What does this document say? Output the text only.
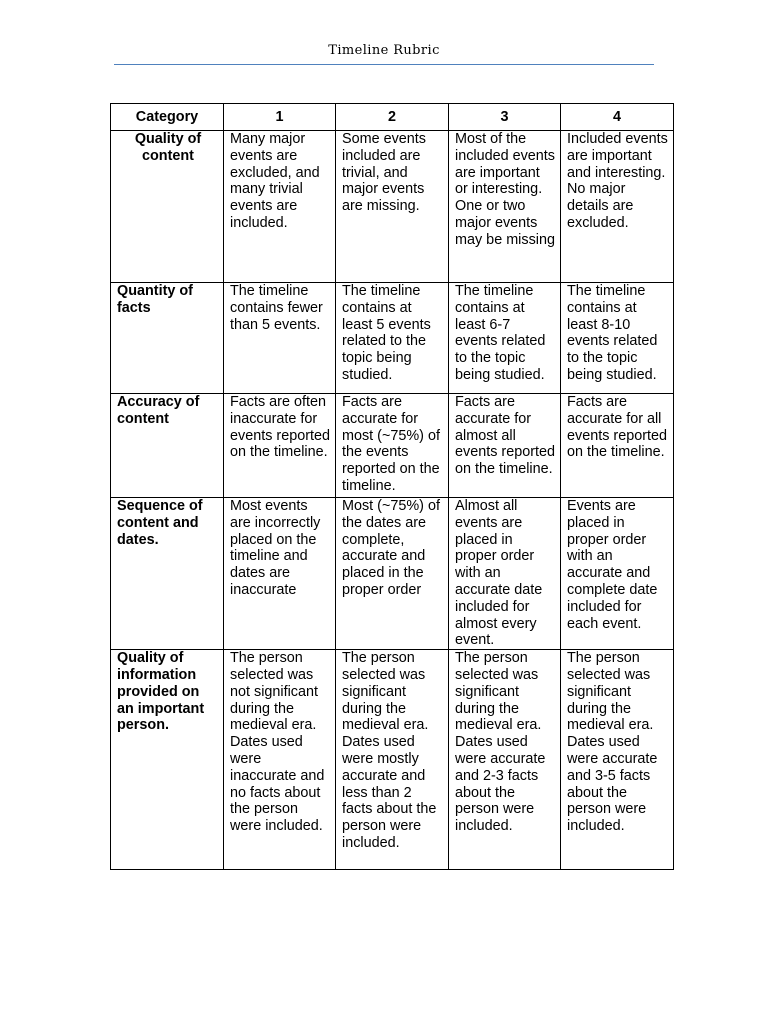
Timeline Rubric
Category	1	2	3	4
Quality of content	Many major events are excluded, and many trivial events are included.	Some events included are trivial, and major events are missing.	Most of the included events are important or interesting. One or two major events may be missing	Included events are important and interesting. No major details are excluded.
Quantity of facts	The timeline contains fewer than 5 events.	The timeline contains at least 5 events related to the topic being studied.	The timeline contains at least 6-7 events related to the topic being studied.	The timeline contains at least 8-10 events related to the topic being studied.
Accuracy of content	Facts are often inaccurate for events reported on the timeline.	Facts are accurate for most (~75%) of the events reported on the timeline.	Facts are accurate for almost all events reported on the timeline.	Facts are accurate for all events reported on the timeline.
Sequence of content and dates.	Most events are incorrectly placed on the timeline and dates are inaccurate	Most (~75%) of the dates are complete, accurate and placed in the proper order	Almost all events are placed in proper order with an accurate date included for almost every event.	Events are placed in proper order with an accurate and complete date included for each event.
Quality of information provided on an important person.	The person selected was not significant during the medieval era. Dates used were inaccurate and no facts about the person were included.	The person selected was significant during the medieval era. Dates used were mostly accurate and less than 2 facts about the person were included.	The person selected was significant during the medieval era. Dates used were accurate and 2-3 facts about the person were included.	The person selected was significant during the medieval era. Dates used were accurate and 3-5 facts about the person were included.
